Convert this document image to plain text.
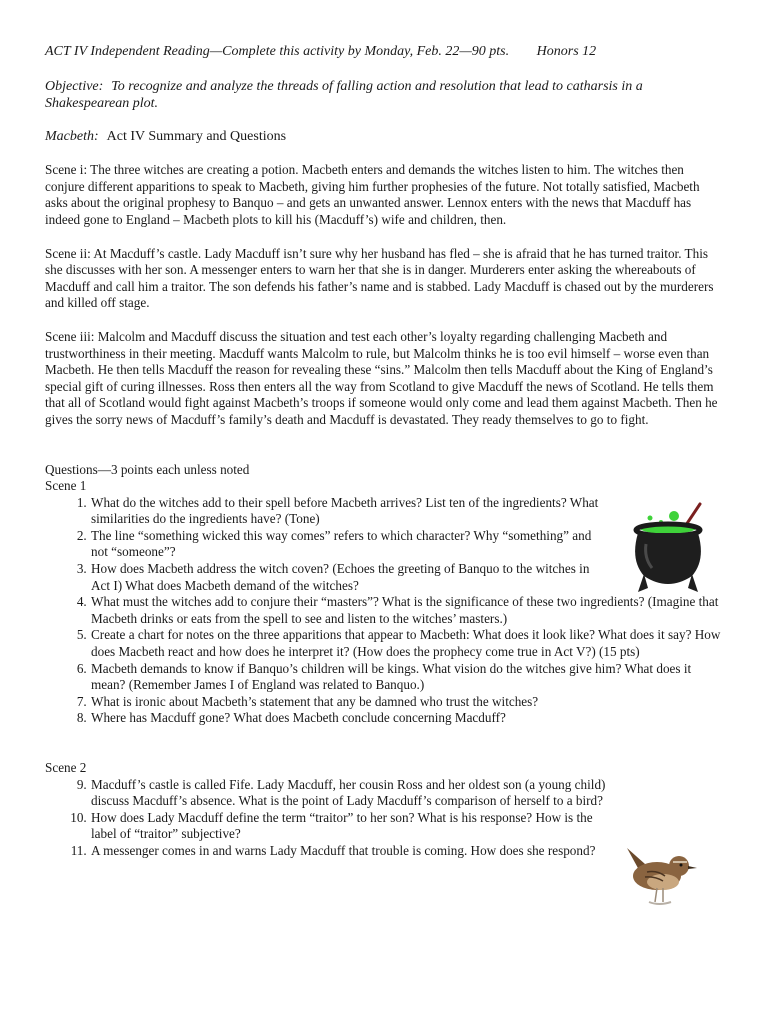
ACT IV Independent Reading—Complete this activity by Monday, Feb. 22—90 pts. Honors 12

Objective: To recognize and analyze the threads of falling action and resolution that lead to catharsis in a Shakespearean plot.
Macbeth: Act IV Summary and Questions
Scene i: The three witches are creating a potion. Macbeth enters and demands the witches listen to him. The witches then conjure different apparitions to speak to Macbeth, giving him further prophesies of the future. Not totally satisfied, Macbeth asks about the original prophesy to Banquo – and gets an unwanted answer. Lennox enters with the news that Macduff has indeed gone to England – Macbeth plots to kill his (Macduff’s) wife and children, then.
Scene ii: At Macduff’s castle. Lady Macduff isn’t sure why her husband has fled – she is afraid that he has turned traitor. This she discusses with her son. A messenger enters to warn her that she is in danger. Murderers enter asking the whereabouts of Macduff and call him a traitor. The son defends his father’s name and is stabbed. Lady Macduff is chased out by the murderers and killed off stage.
Scene iii: Malcolm and Macduff discuss the situation and test each other’s loyalty regarding challenging Macbeth and trustworthiness in their meeting. Macduff wants Malcolm to rule, but Malcolm thinks he is too evil himself – worse even than Macbeth. He then tells Macduff the reason for revealing these “sins.” Malcolm then tells Macduff about the King of England’s special gift of curing illnesses. Ross then enters all the way from Scotland to give Macduff the news of Scotland. He tells them that all of Scotland would fight against Macbeth’s troops if someone would only come and lead them against Macbeth. Then he gives the sorry news of Macduff’s family’s death and Macduff is devastated. They ready themselves to go to fight.
Questions—3 points each unless noted
Scene 1
1. What do the witches add to their spell before Macbeth arrives? List ten of the ingredients? What similarities do the ingredients have? (Tone)
2. The line “something wicked this way comes” refers to which character? Why “something” and not “someone”?
3. How does Macbeth address the witch coven? (Echoes the greeting of Banquo to the witches in Act I) What does Macbeth demand of the witches?
4. What must the witches add to conjure their “masters”? What is the significance of these two ingredients? (Imagine that Macbeth drinks or eats from the spell to see and listen to the witches’ masters.)
5. Create a chart for notes on the three apparitions that appear to Macbeth: What does it look like? What does it say? How does Macbeth react and how does he interpret it? (How does the prophecy come true in Act V?) (15 pts)
6. Macbeth demands to know if Banquo’s children will be kings. What vision do the witches give him? What does it mean? (Remember James I of England was related to Banquo.)
7. What is ironic about Macbeth’s statement that any be damned who trust the witches?
8. Where has Macduff gone? What does Macbeth conclude concerning Macduff?
Scene 2
9. Macduff’s castle is called Fife. Lady Macduff, her cousin Ross and her oldest son (a young child) discuss Macduff’s absence. What is the point of Lady Macduff’s comparison of herself to a bird?
10. How does Lady Macduff define the term “traitor” to her son? What is his response? How is the label of “traitor” subjective?
11. A messenger comes in and warns Lady Macduff that trouble is coming. How does she respond?
